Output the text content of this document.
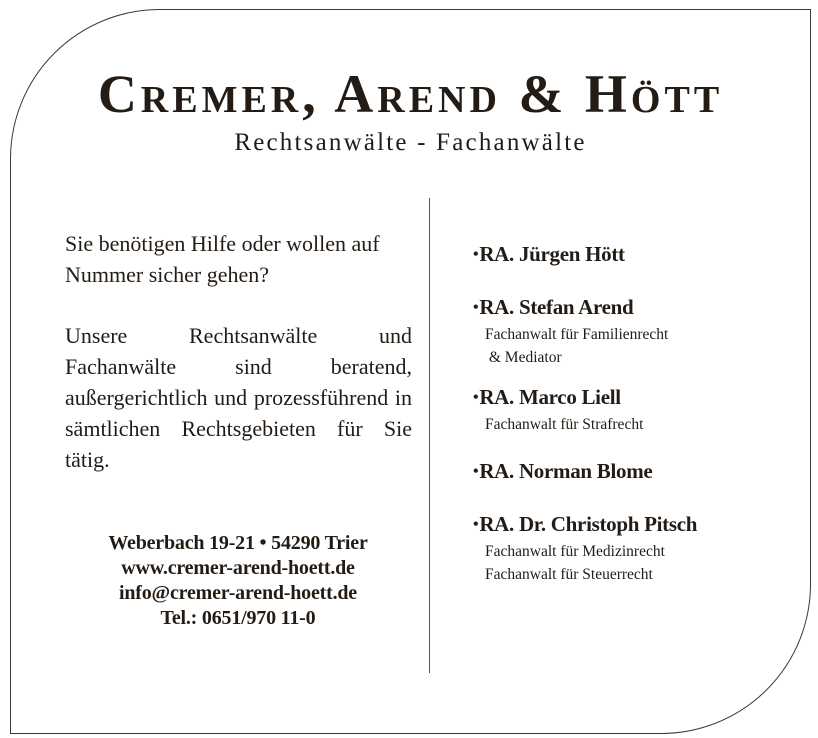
Cremer, Arend & Hött
Rechtsanwälte - Fachanwälte

Sie benötigen Hilfe oder wollen auf Nummer sicher gehen?

Unsere Rechtsanwälte und Fachanwälte sind beratend, außergerichtlich und prozessführend in sämtlichen Rechtsgebieten für Sie tätig.

Weberbach 19-21 • 54290 Trier
www.cremer-arend-hoett.de
info@cremer-arend-hoett.de
Tel.: 0651/970 11-0
•RA. Jürgen Hött
•RA. Stefan Arend
Fachanwalt für Familienrecht
& Mediator
•RA. Marco Liell
Fachanwalt für Strafrecht
•RA. Norman Blome
•RA. Dr. Christoph Pitsch
Fachanwalt für Medizinrecht
Fachanwalt für Steuerrecht
